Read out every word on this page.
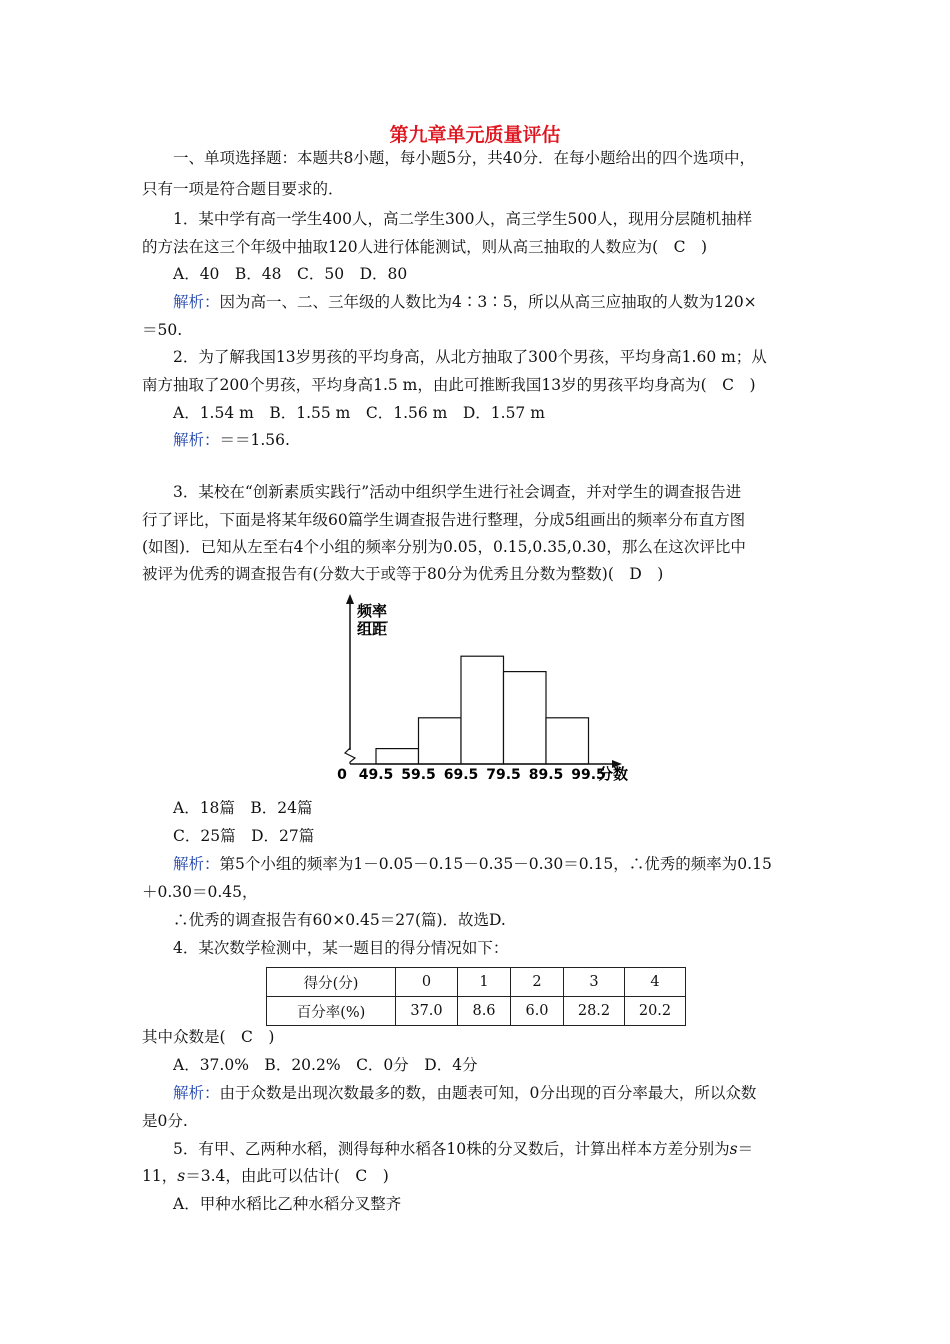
第九章单元质量评估
一、单项选择题：本题共8小题，每小题5分，共40分．在每小题给出的四个选项中，
只有一项是符合题目要求的．
1．某中学有高一学生400人，高二学生300人，高三学生500人，现用分层随机抽样
的方法在这三个年级中抽取120人进行体能测试，则从高三抽取的人数应为(　C　)
A．40　B．48　C．50　D．80
解析：因为高一、二、三年级的人数比为4∶3∶5，所以从高三应抽取的人数为120×
＝50.
2．为了解我国13岁男孩的平均身高，从北方抽取了300个男孩，平均身高1.60 m；从
南方抽取了200个男孩，平均身高1.5 m，由此可推断我国13岁的男孩平均身高为(　C　)
A．1.54 m　B．1.55 m　C．1.56 m　D．1.57 m
解析：＝＝1.56.
3．某校在“创新素质实践行”活动中组织学生进行社会调查，并对学生的调查报告进
行了评比，下面是将某年级60篇学生调查报告进行整理，分成5组画出的频率分布直方图
(如图)．已知从左至右4个小组的频率分别为0.05，0.15,0.35,0.30，那么在这次评比中
被评为优秀的调查报告有(分数大于或等于80分为优秀且分数为整数)(　D　)
频率
组距
0 49.5 59.5 69.5 79.5 89.5 99.5
分数
A．18篇　B．24篇
C．25篇　D．27篇
解析：第5个小组的频率为1－0.05－0.15－0.35－0.30＝0.15，∴优秀的频率为0.15
＋0.30＝0.45，
∴优秀的调查报告有60×0.45＝27(篇)．故选D.
4．某次数学检测中，某一题目的得分情况如下：
得分(分)	0	1	2	3	4
百分率(%)	37.0	8.6	6.0	28.2	20.2
其中众数是(　C　)
A．37.0%　B．20.2%　C．0分　D．4分
解析：由于众数是出现次数最多的数，由题表可知，0分出现的百分率最大，所以众数
是0分.
5．有甲、乙两种水稻，测得每种水稻各10株的分叉数后，计算出样本方差分别为s＝
11，s＝3.4，由此可以估计(　C　)
A．甲种水稻比乙种水稻分叉整齐
